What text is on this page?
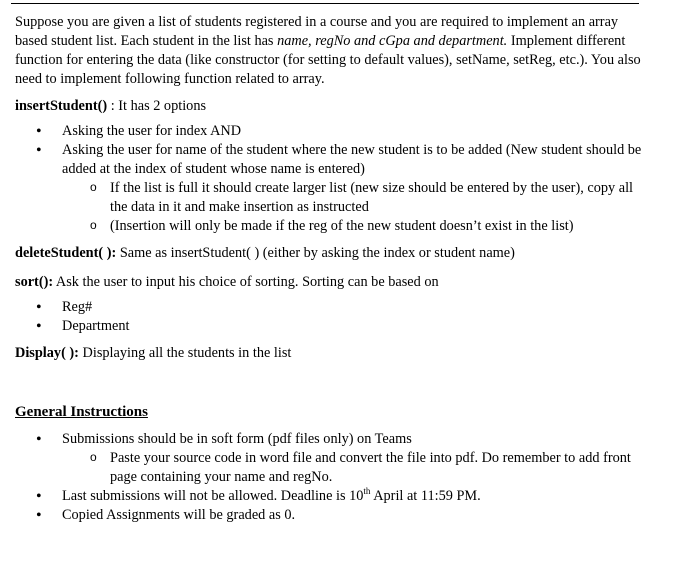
Suppose you are given a list of students registered in a course and you are required to implement an array based student list. Each student in the list has name, regNo and cGpa and department. Implement different function for entering the data (like constructor (for setting to default values), setName, setReg, etc.). You also need to implement following function related to array.

insertStudent() : It has 2 options

• Asking the user for index AND
• Asking the user for name of the student where the new student is to be added (New student should be added at the index of student whose name is entered)
o If the list is full it should create larger list (new size should be entered by the user), copy all the data in it and make insertion as instructed
o (Insertion will only be made if the reg of the new student doesn’t exist in the list)

deleteStudent( ): Same as insertStudent( ) (either by asking the index or student name)

sort(): Ask the user to input his choice of sorting. Sorting can be based on

• Reg#
• Department

Display( ): Displaying all the students in the list

General Instructions

• Submissions should be in soft form (pdf files only) on Teams
o Paste your source code in word file and convert the file into pdf. Do remember to add front page containing your name and regNo.
• Last submissions will not be allowed. Deadline is 10th April at 11:59 PM.
• Copied Assignments will be graded as 0.
